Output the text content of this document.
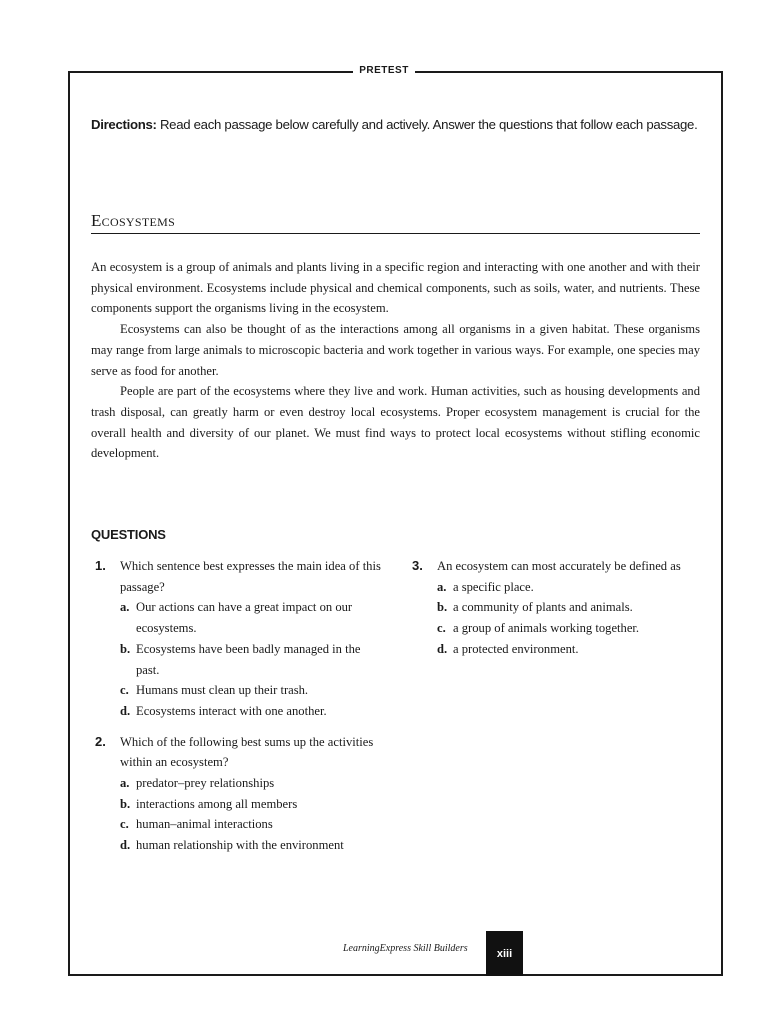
PRETEST
Directions: Read each passage below carefully and actively. Answer the questions that follow each passage.
Ecosystems

An ecosystem is a group of animals and plants living in a specific region and interacting with one another and with their physical environment. Ecosystems include physical and chemical components, such as soils, water, and nutrients. These components support the organisms living in the ecosystem.

Ecosystems can also be thought of as the interactions among all organisms in a given habitat. These organisms may range from large animals to microscopic bacteria and work together in various ways. For example, one species may serve as food for another.

People are part of the ecosystems where they live and work. Human activities, such as housing developments and trash disposal, can greatly harm or even destroy local ecosystems. Proper ecosystem management is crucial for the overall health and diversity of our planet. We must find ways to protect local ecosystems without stifling economic development.

QUESTIONS
1.	Which sentence best expresses the main idea of this passage?
a. Our actions can have a great impact on our ecosystems.
b. Ecosystems have been badly managed in the past.
c. Humans must clean up their trash.
d. Ecosystems interact with one another.
2.	Which of the following best sums up the activities within an ecosystem?
a. predator–prey relationships
b. interactions among all members
c. human–animal interactions
d. human relationship with the environment
3.	An ecosystem can most accurately be defined as
a. a specific place.
b. a community of plants and animals.
c. a group of animals working together.
d. a protected environment.
LearningExpress Skill Builders	xiii
